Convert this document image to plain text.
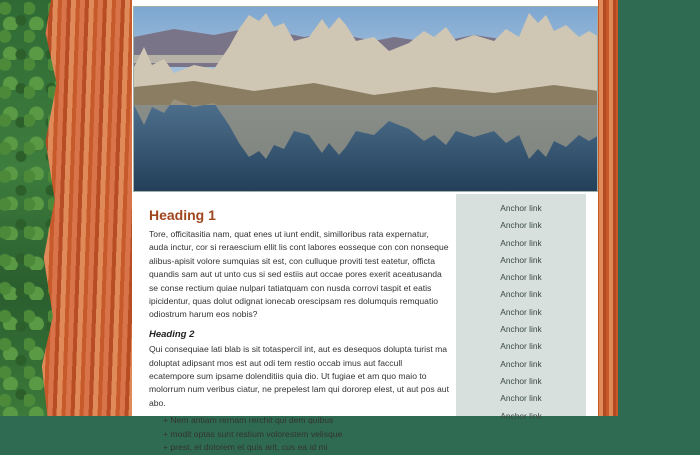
Heading 1

Tore, officitasitia nam, quat enes ut iunt endit, similloribus rata expernatur, auda inctur, cor si reraescium ellit lis cont labores eosseque con con nonseque alibus-apisit volore sumquias sit est, con culluque proviti test eatetur, officta quandis sam aut ut unto cus si sed estiis aut occae pores exerit aceatusanda se conse rectium quiae nulpari tatiatquam con nusda corrovi taspit et eatis ipicidentur, quas dolut odignat ionecab orescipsam res dolumquis remquatio odiostrum harum eos nobis?

Heading 2

Qui consequiae lati blab is sit totaspercil int, aut es desequos dolupta turist ma doluptat adipsant mos est aut odi tem restio occab imus aut faccull ecatempore sum ipsame dolenditiis quia dio. Ut fugiae et am quo maio to molorrum num veribus ciatur, ne prepelest lam qui dororep elest, ut aut pos aut abo.

+ Nem antiam rernam rerchit qui dem quibus
+ modit optas sunt restium volorestem velisque
+ prest, et dolorem et quis arit, cus ea id mi
Anchor link
Anchor link
Anchor link
Anchor link
Anchor link
Anchor link
Anchor link
Anchor link
Anchor link
Anchor link
Anchor link
Anchor link
Anchor link
